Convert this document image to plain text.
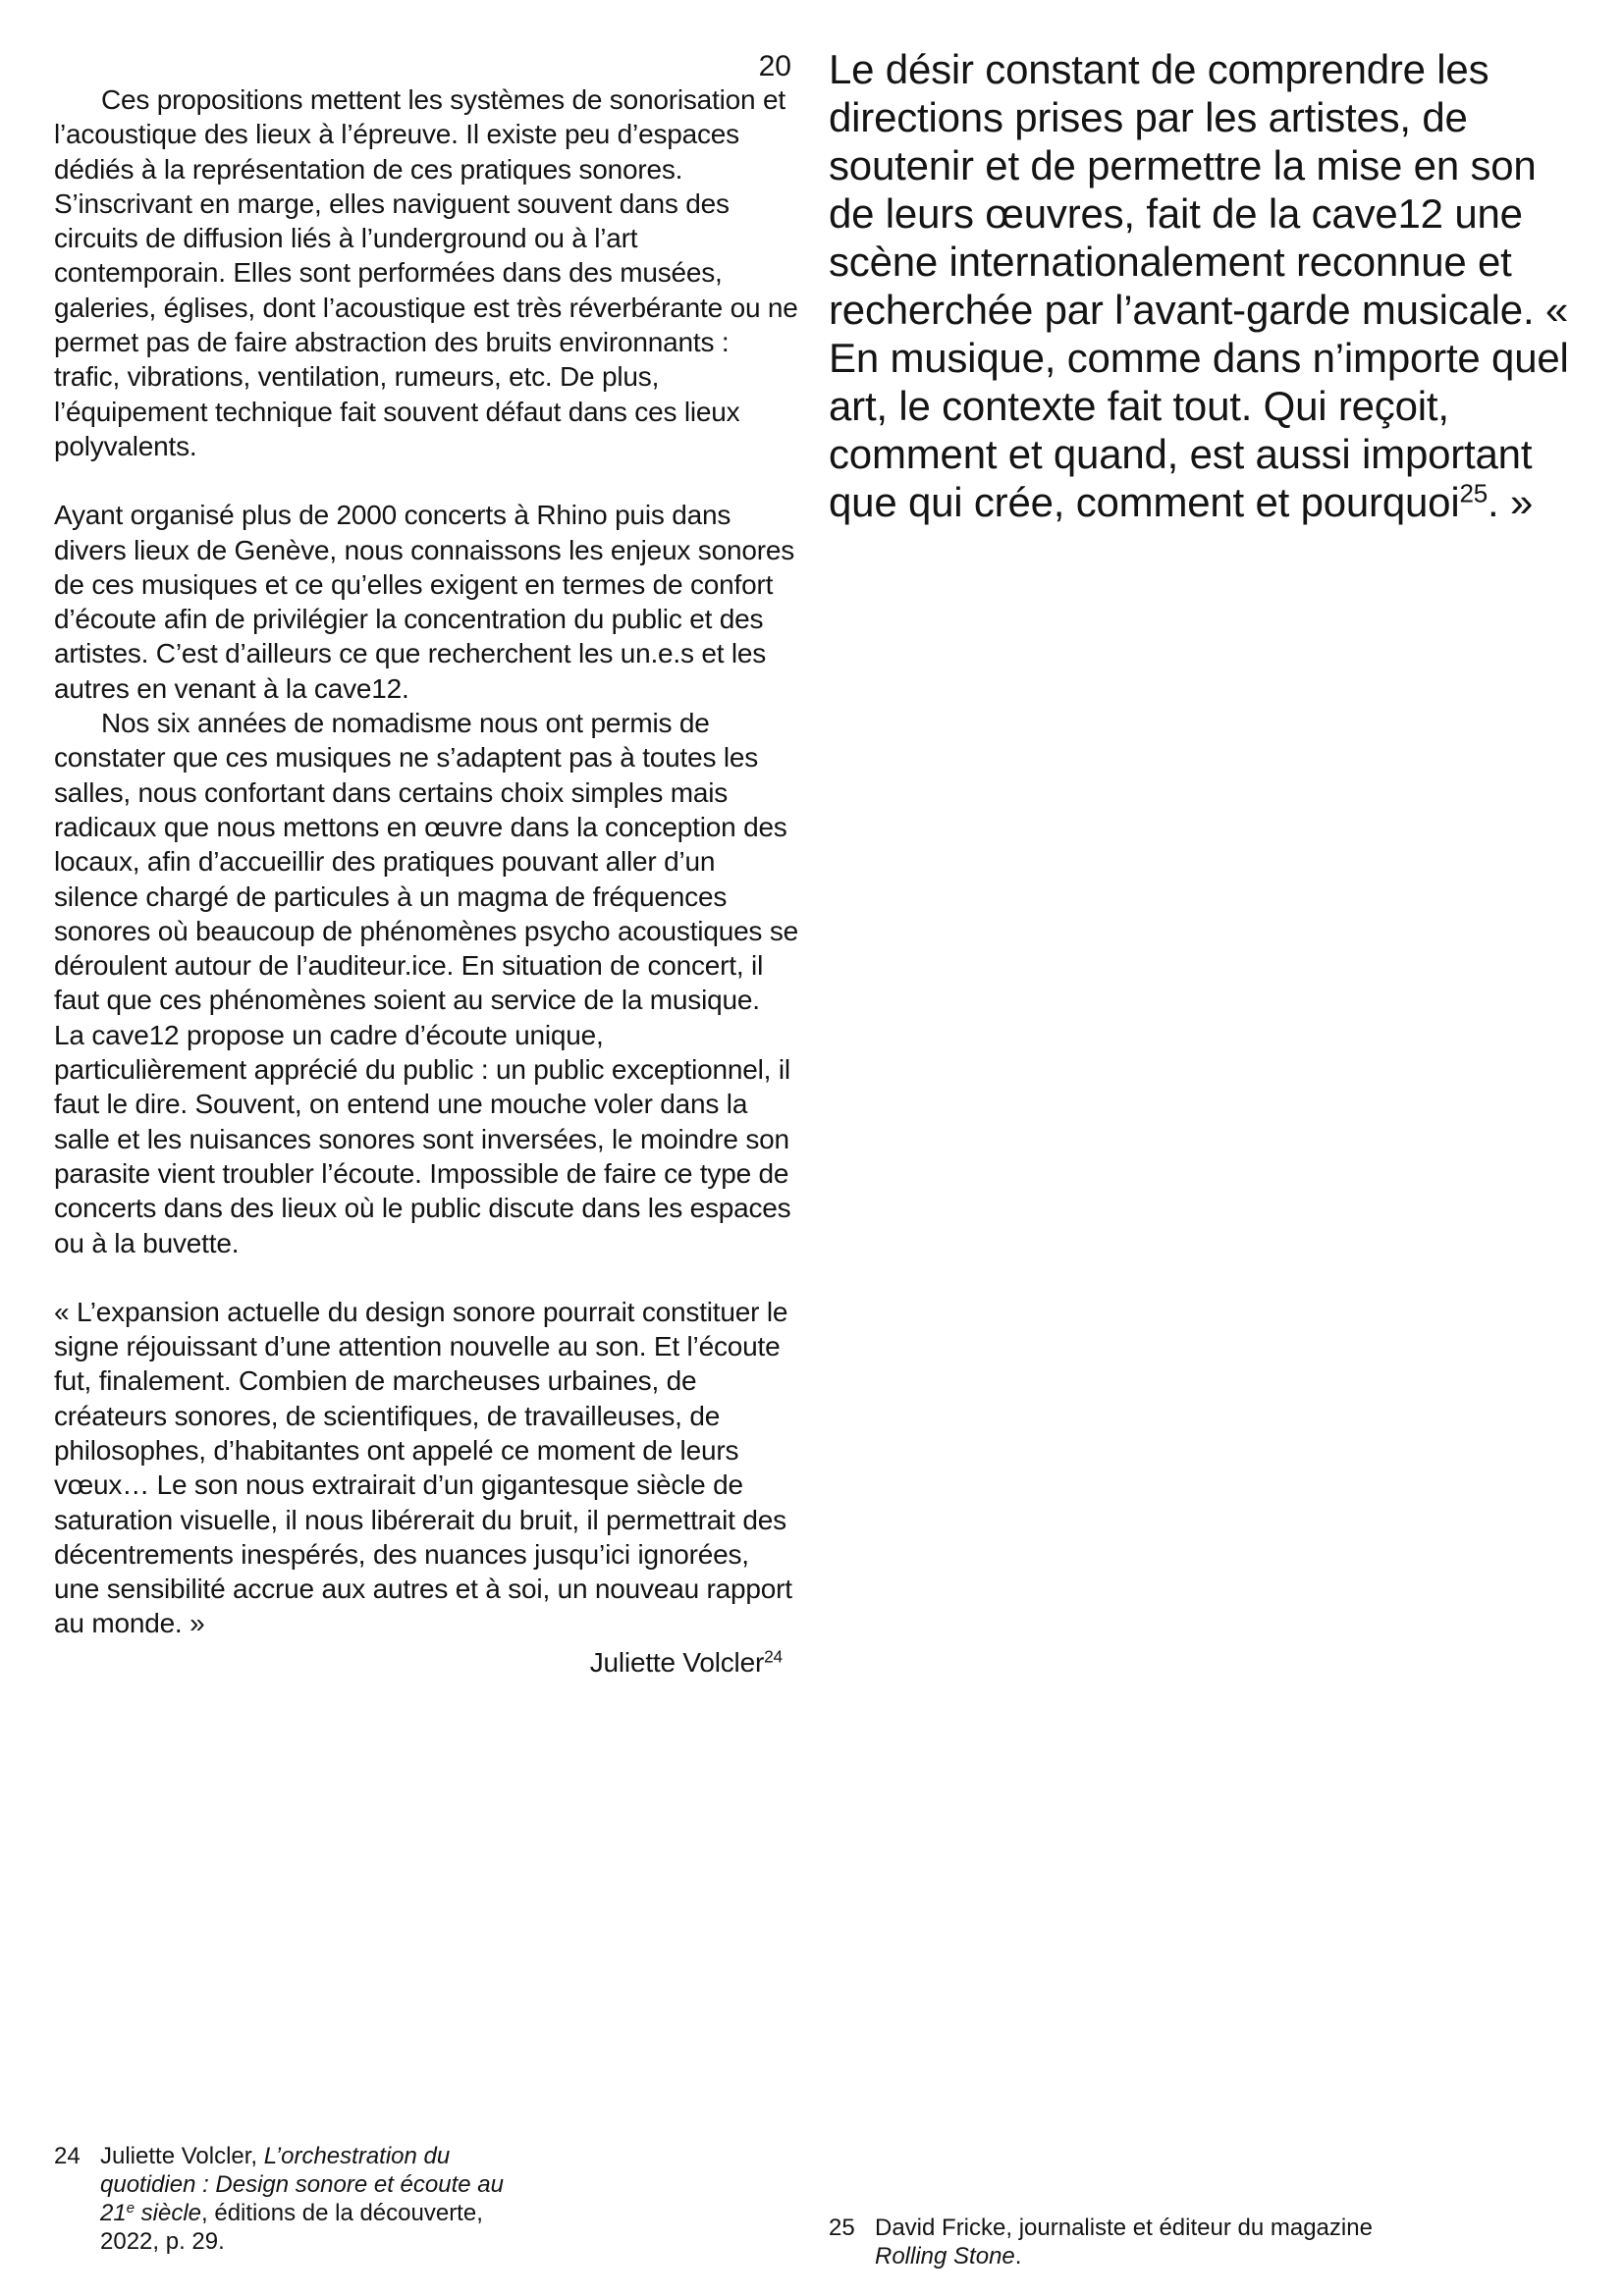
20

Ces propositions mettent les systèmes de sonorisation et l’acoustique des lieux à l’épreuve. Il existe peu d’espaces dédiés à la représentation de ces pratiques sonores. S’inscrivant en marge, elles naviguent souvent dans des circuits de diffusion liés à l’underground ou à l’art contemporain. Elles sont performées dans des musées, galeries, églises, dont l’acoustique est très réverbérante ou ne permet pas de faire abstraction des bruits environnants : trafic, vibrations, ventilation, rumeurs, etc. De plus, l’équipement technique fait souvent défaut dans ces lieux polyvalents.

Ayant organisé plus de 2000 concerts à Rhino puis dans divers lieux de Genève, nous connaissons les enjeux sonores de ces musiques et ce qu’elles exigent en termes de confort d’écoute afin de privilégier la concentration du public et des artistes. C’est d’ailleurs ce que recherchent les un.e.s et les autres en venant à la cave12.

Nos six années de nomadisme nous ont permis de constater que ces musiques ne s’adaptent pas à toutes les salles, nous confortant dans certains choix simples mais radicaux que nous mettons en œuvre dans la conception des locaux, afin d’accueillir des pratiques pouvant aller d’un silence chargé de particules à un magma de fréquences sonores où beaucoup de phénomènes psycho acoustiques se déroulent autour de l’auditeur.ice. En situation de concert, il faut que ces phénomènes soient au service de la musique.

La cave12 propose un cadre d’écoute unique, particulièrement apprécié du public : un public exceptionnel, il faut le dire. Souvent, on entend une mouche voler dans la salle et les nuisances sonores sont inversées, le moindre son parasite vient troubler l’écoute. Impossible de faire ce type de concerts dans des lieux où le public discute dans les espaces ou à la buvette.

« L’expansion actuelle du design sonore pourrait constituer le signe réjouissant d’une attention nouvelle au son. Et l’écoute fut, finalement. Combien de marcheuses urbaines, de créateurs sonores, de scientifiques, de travailleuses, de philosophes, d’habitantes ont appelé ce moment de leurs vœux… Le son nous extrairait d’un gigantesque siècle de saturation visuelle, il nous libérerait du bruit, il permettrait des décentrements inespérés, des nuances jusqu’ici ignorées, une sensibilité accrue aux autres et à soi, un nouveau rapport au monde. »

Juliette Volcler$^{24}$

Le désir constant de comprendre les directions prises par les artistes, de soutenir et de permettre la mise en son de leurs œuvres, fait de la cave12 une scène internationalement reconnue et recherchée par l’avant-garde musicale. « En musique, comme dans n’importe quel art, le contexte fait tout. Qui reçoit, comment et quand, est aussi important que qui crée, comment et pourquoi$^{25}$. »

24 Juliette Volcler, L’orchestration du quotidien : Design sonore et écoute au 21e siècle, éditions de la découverte, 2022, p. 29.
25 David Fricke, journaliste et éditeur du magazine Rolling Stone.
